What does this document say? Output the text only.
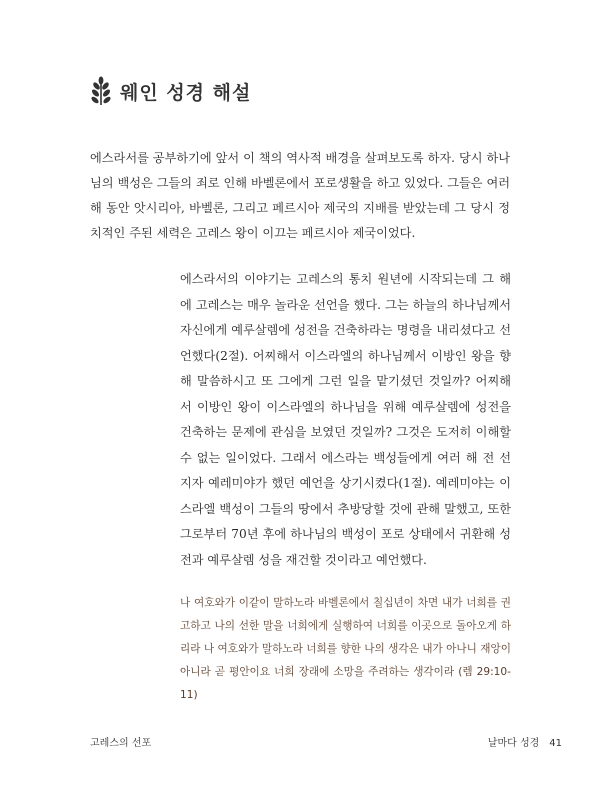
웨인 성경 해설

에스라서를 공부하기에 앞서 이 책의 역사적 배경을 살펴보도록 하자. 당시 하나님의 백성은 그들의 죄로 인해 바벨론에서 포로생활을 하고 있었다. 그들은 여러 해 동안 앗시리아, 바벨론, 그리고 페르시아 제국의 지배를 받았는데 그 당시 정치적인 주된 세력은 고레스 왕이 이끄는 페르시아 제국이었다.

에스라서의 이야기는 고레스의 통치 원년에 시작되는데 그 해에 고레스는 매우 놀라운 선언을 했다. 그는 하늘의 하나님께서 자신에게 예루살렘에 성전을 건축하라는 명령을 내리셨다고 선언했다(2절). 어찌해서 이스라엘의 하나님께서 이방인 왕을 향해 말씀하시고 또 그에게 그런 일을 맡기셨던 것일까? 어찌해서 이방인 왕이 이스라엘의 하나님을 위해 예루살렘에 성전을 건축하는 문제에 관심을 보였던 것일까? 그것은 도저히 이해할 수 없는 일이었다. 그래서 에스라는 백성들에게 여러 해 전 선지자 예레미야가 했던 예언을 상기시켰다(1절). 예레미야는 이스라엘 백성이 그들의 땅에서 추방당할 것에 관해 말했고, 또한 그로부터 70년 후에 하나님의 백성이 포로 상태에서 귀환해 성전과 예루살렘 성을 재건할 것이라고 예언했다.

나 여호와가 이같이 말하노라 바벨론에서 칠십년이 차면 내가 너희를 권고하고 나의 선한 말을 너희에게 실행하여 너희를 이곳으로 돌아오게 하리라 나 여호와가 말하노라 너희를 향한 나의 생각은 내가 아나니 재앙이 아니라 곧 평안이요 너희 장래에 소망을 주려하는 생각이라 (렘 29:10-11)

고레스의 선포	날마다 성경 41
